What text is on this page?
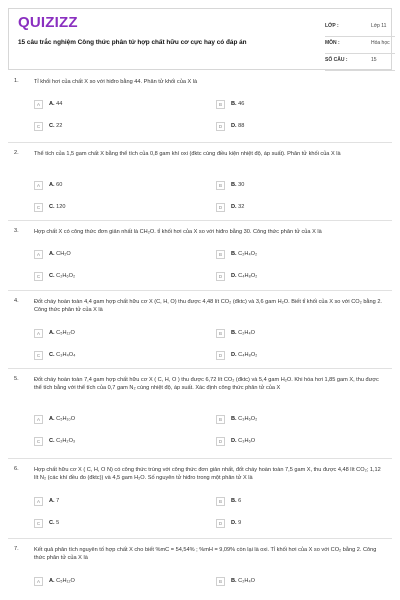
QUIZIZZ
15 câu trắc nghiệm Công thức phân tử hợp chất hữu cơ cực hay có đáp án
LỚP :	Lớp 11
MÔN :	Hóa học
SỐ CÂU :	15
1.	Tỉ khối hơi của chất X so với hiđro bằng 44. Phân tử khối của X là
A	A. 44	B	B. 46
C	C. 22	D	D. 88
2.	Thể tích của 1,5 gam chất X bằng thể tích của 0,8 gam khí oxi (đktc cùng điều kiện nhiệt độ, áp suất). Phân tử khối của X là
A	A. 60	B	B. 30
C	C. 120	D	D. 32
3.	Hợp chất X có công thức đơn giản nhất là CH₂O. tỉ khối hơi của X so với hiđro bằng 30. Công thức phân tử của X là
A	A. CH₂O	B	B. C₂H₄O₂
C	C. C₂H₆O₂	D	D. C₄H₈O₂
4.	Đốt cháy hoàn toàn 4,4 gam hợp chất hữu cơ X (C, H, O) thu được 4,48 lít CO₂ (đktc) và 3,6 gam H₂O. Biết tỉ khối của X so với CO₂ bằng 2. Công thức phân tử của X là
A	A. C₅H₁₂O	B	B. C₂H₄O
C	C. C₃H₄O₄	D	D. C₄H₈O₂
5.	Đốt cháy hoàn toàn 7,4 gam hợp chất hữu cơ X ( C, H, O ) thu được 6,72 lít CO₂ (đktc) và 5,4 gam H₂O. Khi hóa hơi 1,85 gam X, thu được thể tích bằng với thể tích của 0,7 gam N₂ cùng nhiệt độ, áp suất. Xác định công thức phân tử của X
A	A. C₅H₁₀O	B	B. C₃H₆O₂
C	C. C₂H₂O₃	D	D. C₃H₆O
6.	Hợp chất hữu cơ X ( C, H, O N) có công thức trùng với công thức đơn giản nhất, đốt cháy hoàn toàn 7,5 gam X, thu được 4,48 lít CO₂; 1,12 lít N₂ (các khí đều đo (đktc)) và 4,5 gam H₂O. Số nguyên tử hiđro trong một phân tử X là
A	A. 7	B	B. 6
C	C. 5	D	D. 9
7.	Kết quả phân tích nguyên tố hợp chất X cho biết %mC = 54,54% ; %mH = 9,09% còn lại là oxi. Tỉ khối hơi của X so với CO₂ bằng 2. Công thức phân tử của X là
A	A. C₅H₁₂O	B	B. C₂H₄O
